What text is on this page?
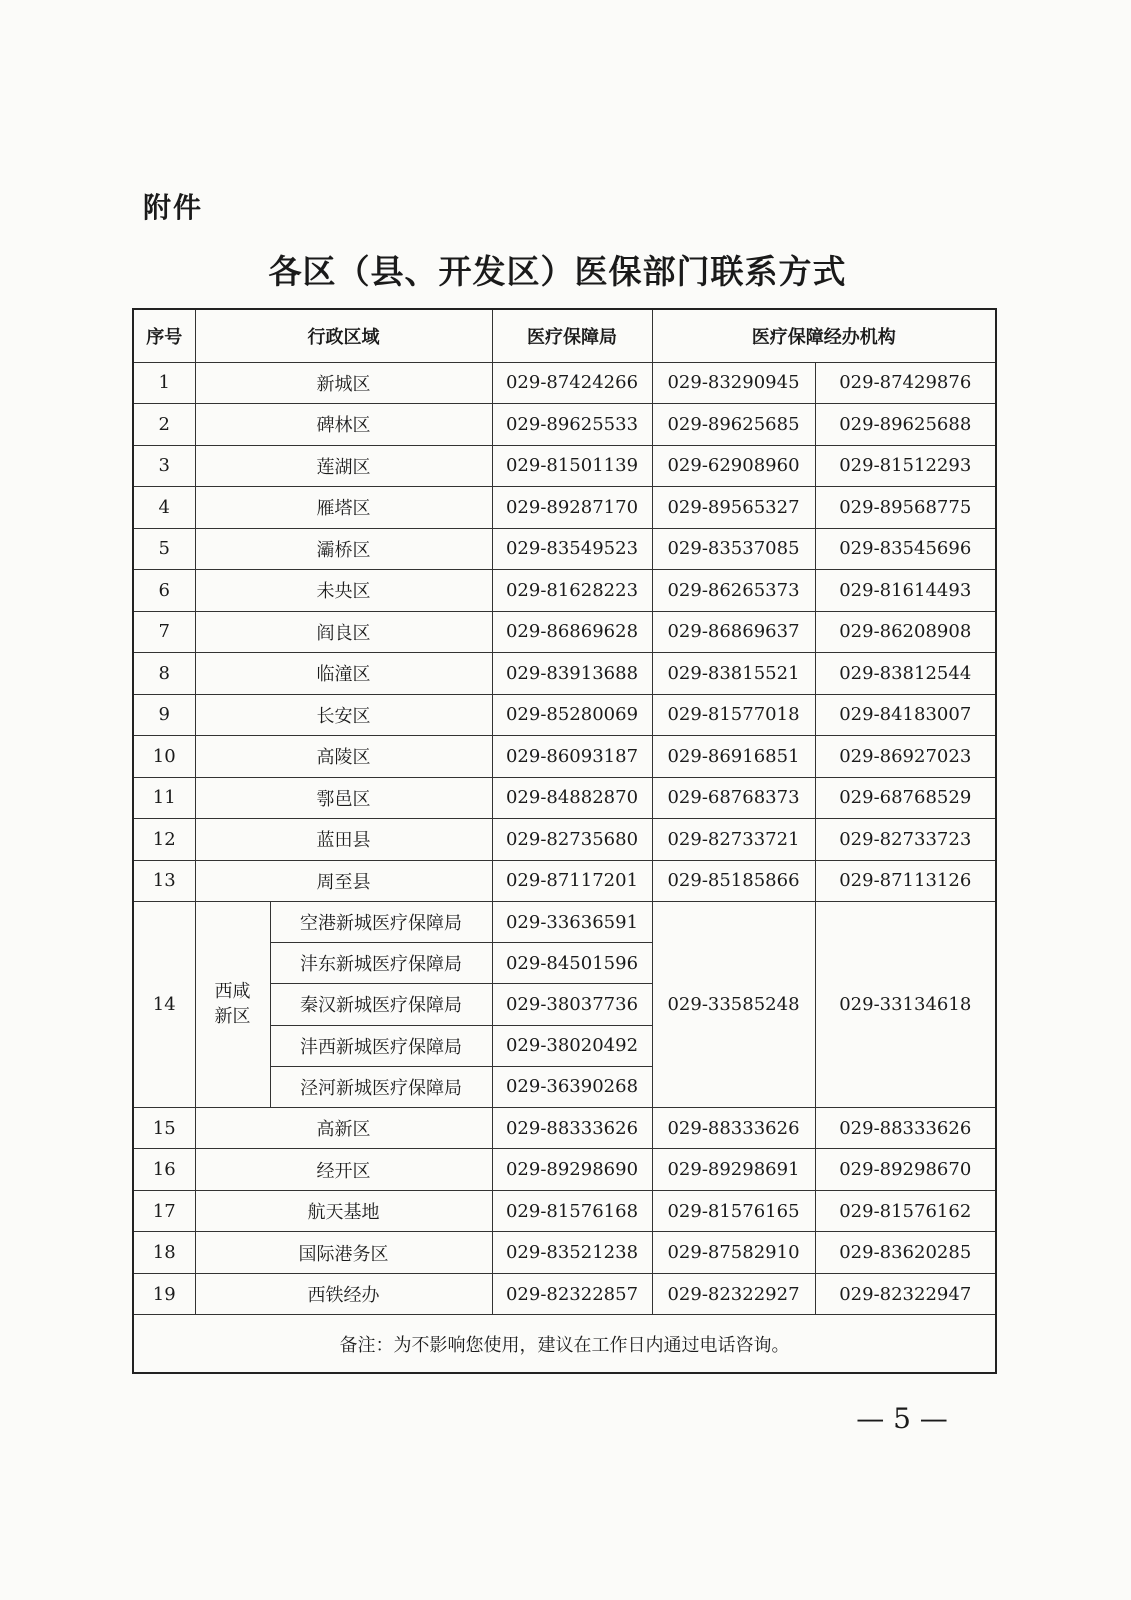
附件
各区（县、开发区）医保部门联系方式
序号	行政区域		医疗保障局	医疗保障经办机构	
1	新城区		029-87424266	029-83290945	029-87429876
2	碑林区		029-89625533	029-89625685	029-89625688
3	莲湖区		029-81501139	029-62908960	029-81512293
4	雁塔区		029-89287170	029-89565327	029-89568775
5	灞桥区		029-83549523	029-83537085	029-83545696
6	未央区		029-81628223	029-86265373	029-81614493
7	阎良区		029-86869628	029-86869637	029-86208908
8	临潼区		029-83913688	029-83815521	029-83812544
9	长安区		029-85280069	029-81577018	029-84183007
10	高陵区		029-86093187	029-86916851	029-86927023
11	鄠邑区		029-84882870	029-68768373	029-68768529
12	蓝田县		029-82735680	029-82733721	029-82733723
13	周至县		029-87117201	029-85185866	029-87113126
14	西咸新区	空港新城医疗保障局	029-33636591	029-33585248	029-33134618
		沣东新城医疗保障局	029-84501596		
		秦汉新城医疗保障局	029-38037736		
		沣西新城医疗保障局	029-38020492		
		泾河新城医疗保障局	029-36390268		
15	高新区		029-88333626	029-88333626	029-88333626
16	经开区		029-89298690	029-89298691	029-89298670
17	航天基地		029-81576168	029-81576165	029-81576162
18	国际港务区		029-83521238	029-87582910	029-83620285
19	西铁经办		029-82322857	029-82322927	029-82322947
备注：为不影响您使用，建议在工作日内通过电话咨询。					
— 5 —
